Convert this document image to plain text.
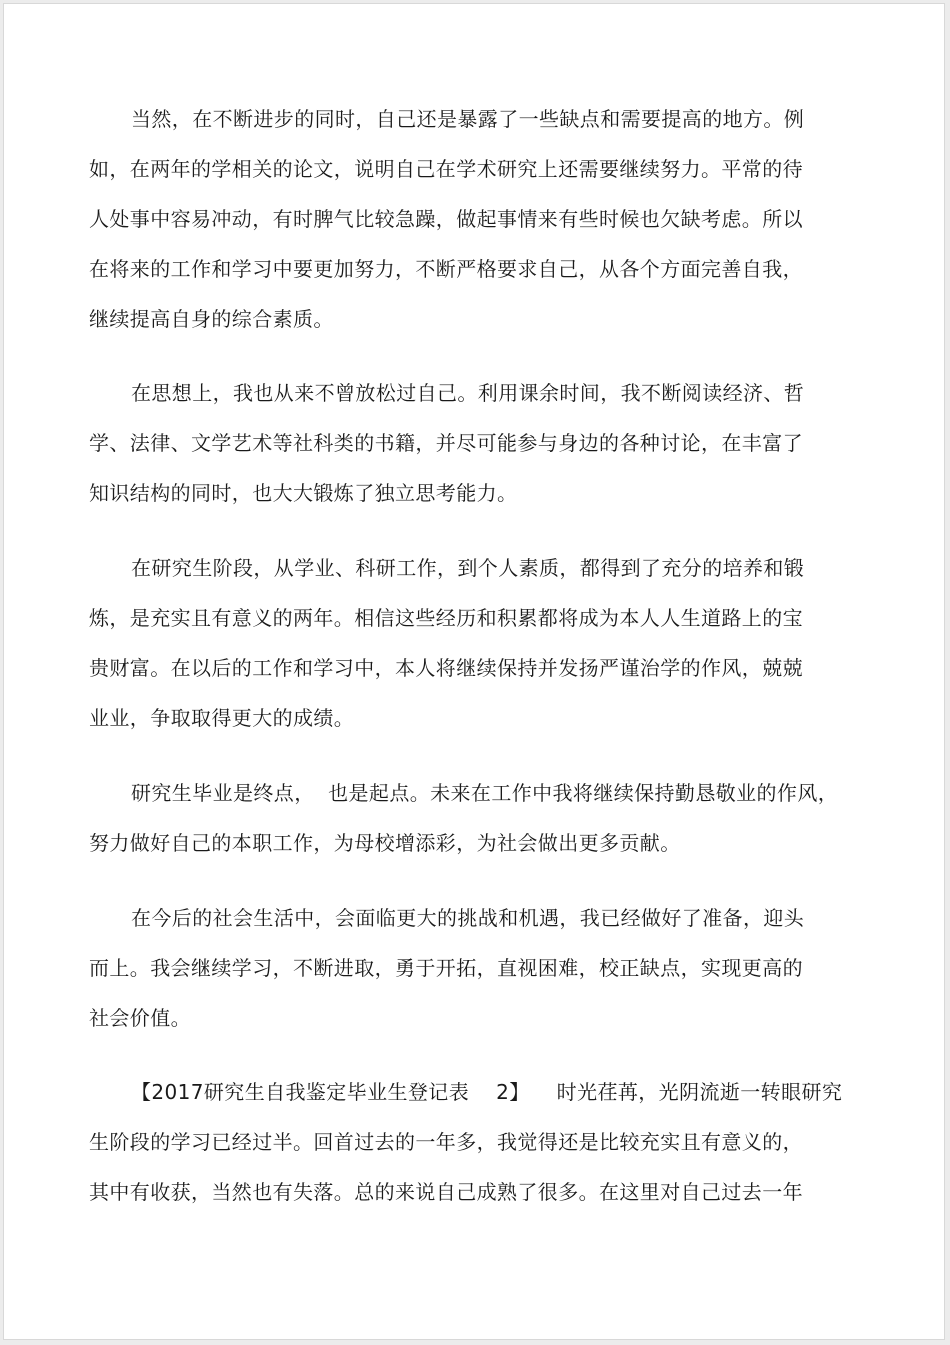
当然，在不断进步的同时，自己还是暴露了一些缺点和需要提高的地方。例
如，在两年的学相关的论文，说明自己在学术研究上还需要继续努力。平常的待
人处事中容易冲动，有时脾气比较急躁，做起事情来有些时候也欠缺考虑。所以
在将来的工作和学习中要更加努力，不断严格要求自己，从各个方面完善自我，
继续提高自身的综合素质。
在思想上，我也从来不曾放松过自己。利用课余时间，我不断阅读经济、哲
学、法律、文学艺术等社科类的书籍，并尽可能参与身边的各种讨论，在丰富了
知识结构的同时，也大大锻炼了独立思考能力。
在研究生阶段，从学业、科研工作，到个人素质，都得到了充分的培养和锻
炼，是充实且有意义的两年。相信这些经历和积累都将成为本人人生道路上的宝
贵财富。在以后的工作和学习中，本人将继续保持并发扬严谨治学的作风，兢兢
业业，争取取得更大的成绩。
研究生毕业是终点，  也是起点。未来在工作中我将继续保持勤恳敬业的作风，
努力做好自己的本职工作，为母校增添彩，为社会做出更多贡献。
在今后的社会生活中，会面临更大的挑战和机遇，我已经做好了准备，迎头
而上。我会继续学习，不断进取，勇于开拓，直视困难，校正缺点，实现更高的
社会价值。
【2017研究生自我鉴定毕业生登记表    2】    时光荏苒，光阴流逝一转眼研究
生阶段的学习已经过半。回首过去的一年多，我觉得还是比较充实且有意义的，
其中有收获，当然也有失落。总的来说自己成熟了很多。在这里对自己过去一年
